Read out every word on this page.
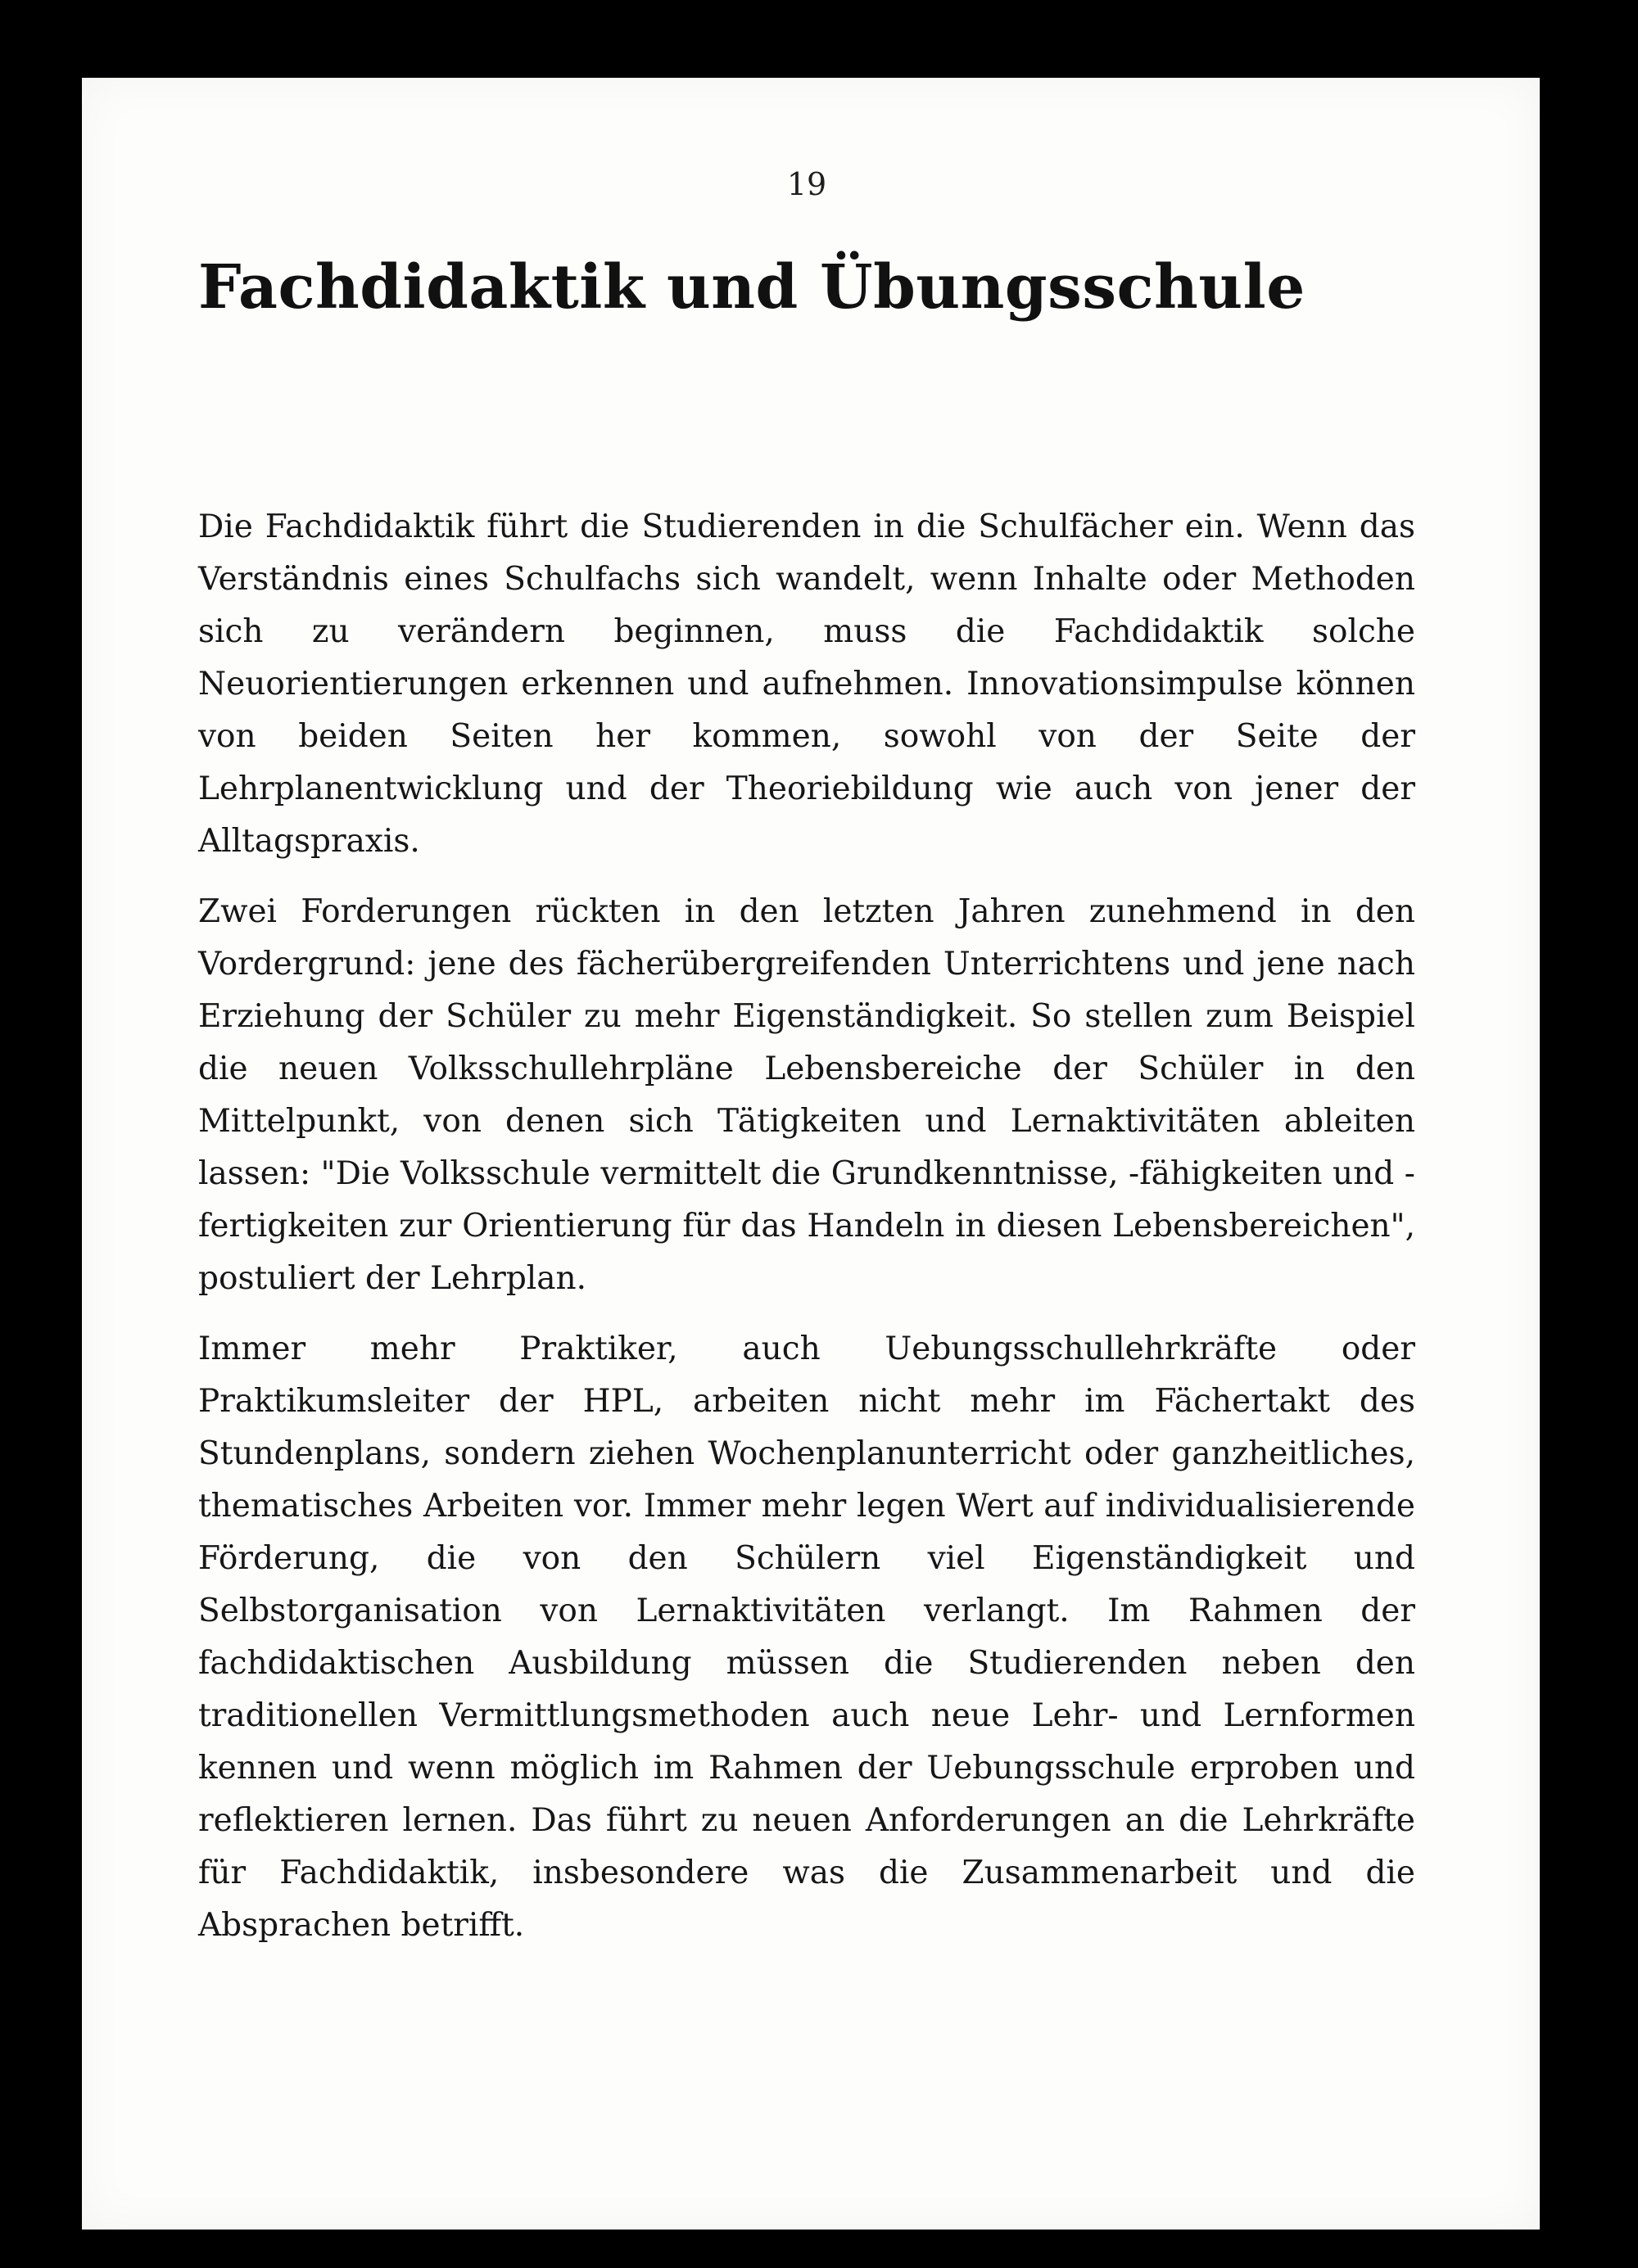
19
Fachdidaktik und Übungsschule

Die Fachdidaktik führt die Studierenden in die Schulfächer ein. Wenn das Verständnis eines Schulfachs sich wandelt, wenn Inhalte oder Methoden sich zu verändern beginnen, muss die Fachdidaktik solche Neuorientierungen erkennen und aufnehmen. Innovationsimpulse können von beiden Seiten her kommen, sowohl von der Seite der Lehrplanentwicklung und der Theoriebildung wie auch von jener der Alltagspraxis.

Zwei Forderungen rückten in den letzten Jahren zunehmend in den Vordergrund: jene des fächerübergreifenden Unterrichtens und jene nach Erziehung der Schüler zu mehr Eigenständigkeit. So stellen zum Beispiel die neuen Volksschullehrpläne Lebensbereiche der Schüler in den Mittelpunkt, von denen sich Tätigkeiten und Lernaktivitäten ableiten lassen: "Die Volksschule vermittelt die Grundkenntnisse, -fähigkeiten und -fertigkeiten zur Orientierung für das Handeln in diesen Lebensbereichen", postuliert der Lehrplan.

Immer mehr Praktiker, auch Uebungsschullehrkräfte oder Praktikumsleiter der HPL, arbeiten nicht mehr im Fächertakt des Stundenplans, sondern ziehen Wochenplanunterricht oder ganzheitliches, thematisches Arbeiten vor. Immer mehr legen Wert auf individualisierende Förderung, die von den Schülern viel Eigenständigkeit und Selbstorganisation von Lernaktivitäten verlangt. Im Rahmen der fachdidaktischen Ausbildung müssen die Studierenden neben den traditionellen Vermittlungsmethoden auch neue Lehr- und Lernformen kennen und wenn möglich im Rahmen der Uebungsschule erproben und reflektieren lernen. Das führt zu neuen Anforderungen an die Lehrkräfte für Fachdidaktik, insbesondere was die Zusammenarbeit und die Absprachen betrifft.
